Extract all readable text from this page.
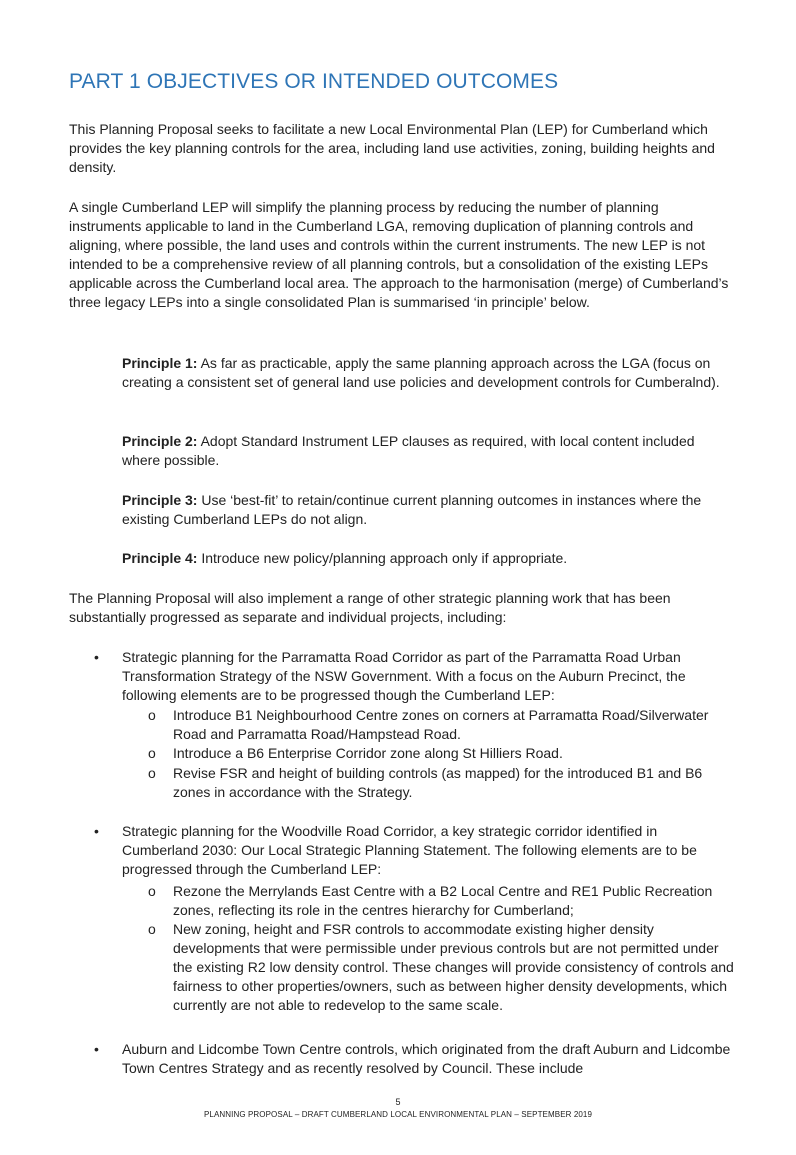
PART 1 OBJECTIVES OR INTENDED OUTCOMES

This Planning Proposal seeks to facilitate a new Local Environmental Plan (LEP) for Cumberland which provides the key planning controls for the area, including land use activities, zoning, building heights and density.

A single Cumberland LEP will simplify the planning process by reducing the number of planning instruments applicable to land in the Cumberland LGA, removing duplication of planning controls and aligning, where possible, the land uses and controls within the current instruments. The new LEP is not intended to be a comprehensive review of all planning controls, but a consolidation of the existing LEPs applicable across the Cumberland local area. The approach to the harmonisation (merge) of Cumberland’s three legacy LEPs into a single consolidated Plan is summarised ‘in principle’ below.

Principle 1: As far as practicable, apply the same planning approach across the LGA (focus on creating a consistent set of general land use policies and development controls for Cumberalnd).

Principle 2: Adopt Standard Instrument LEP clauses as required, with local content included where possible.

Principle 3: Use ‘best-fit’ to retain/continue current planning outcomes in instances where the existing Cumberland LEPs do not align.

Principle 4: Introduce new policy/planning approach only if appropriate.

The Planning Proposal will also implement a range of other strategic planning work that has been substantially progressed as separate and individual projects, including:

• Strategic planning for the Parramatta Road Corridor as part of the Parramatta Road Urban Transformation Strategy of the NSW Government. With a focus on the Auburn Precinct, the following elements are to be progressed though the Cumberland LEP:
o Introduce B1 Neighbourhood Centre zones on corners at Parramatta Road/Silverwater Road and Parramatta Road/Hampstead Road.
o Introduce a B6 Enterprise Corridor zone along St Hilliers Road.
o Revise FSR and height of building controls (as mapped) for the introduced B1 and B6 zones in accordance with the Strategy.
• Strategic planning for the Woodville Road Corridor, a key strategic corridor identified in Cumberland 2030: Our Local Strategic Planning Statement. The following elements are to be progressed through the Cumberland LEP:
o Rezone the Merrylands East Centre with a B2 Local Centre and RE1 Public Recreation zones, reflecting its role in the centres hierarchy for Cumberland;
o New zoning, height and FSR controls to accommodate existing higher density developments that were permissible under previous controls but are not permitted under the existing R2 low density control. These changes will provide consistency of controls and fairness to other properties/owners, such as between higher density developments, which currently are not able to redevelop to the same scale.
• Auburn and Lidcombe Town Centre controls, which originated from the draft Auburn and Lidcombe Town Centres Strategy and as recently resolved by Council. These include
5
PLANNING PROPOSAL – DRAFT CUMBERLAND LOCAL ENVIRONMENTAL PLAN – SEPTEMBER 2019
